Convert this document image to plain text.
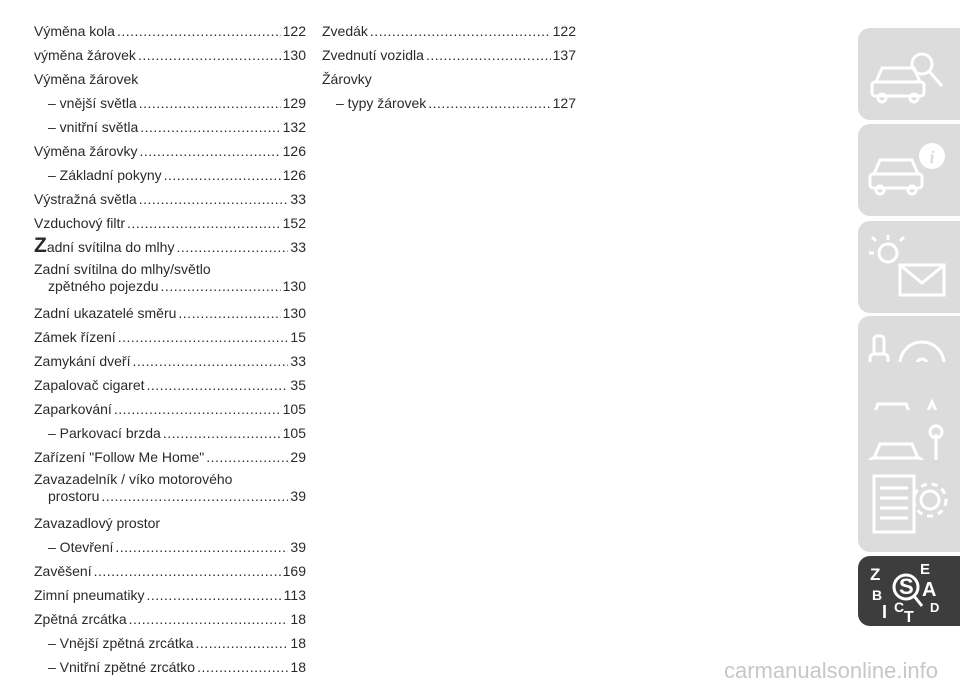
Výměna kola .....	122
výměna žárovek .....	130
Výměna žárovek
– vnější světla .....	129
– vnitřní světla .....	132
Výměna žárovky .....	126
– Základní pokyny .....	126
Výstražná světla .....	33
Vzduchový filtr .....	152
Zadní svítilna do mlhy .....	33
Zadní svítilna do mlhy/světlo
zpětného pojezdu .....	130
Zadní ukazatelé směru .....	130
Zámek řízení .....	15
Zamykání dveří .....	33
Zapalovač cigaret .....	35
Zaparkování .....	105
– Parkovací brzda .....	105
Zařízení "Follow Me Home" .....	29
Zavazadelník / víko motorového
prostoru .....	39
Zavazadlový prostor
– Otevření .....	39
Zavěšení .....	169
Zimní pneumatiky .....	113
Zpětná zrcátka .....	18
– Vnější zpětná zrcátka .....	18
– Vnitřní zpětné zrcátko .....	18
Zvedák .....	122
Zvednutí vozidla .....	137
Žárovky
– typy žárovek .....	127
i
Z	E
S A
B
I C
T
D
carmanualsonline.info
